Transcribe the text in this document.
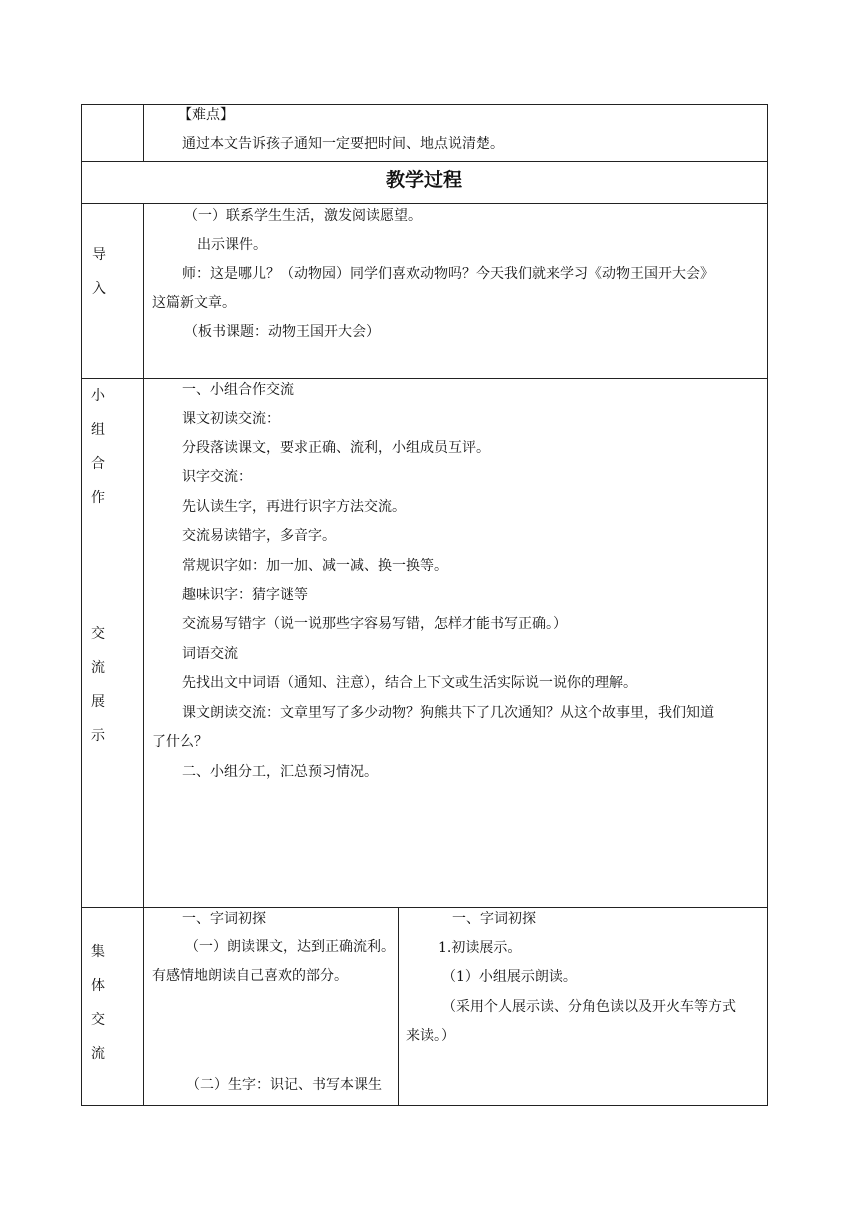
【难点】
通过本文告诉孩子通知一定要把时间、地点说清楚。
教学过程
导
入
（一）联系学生生活，激发阅读愿望。
出示课件。
师：这是哪儿？（动物园）同学们喜欢动物吗？今天我们就来学习《动物王国开大会》
这篇新文章。
（板书课题：动物王国开大会）
小
组
合
作
交
流
展
示
一、小组合作交流
课文初读交流：
分段落读课文，要求正确、流利，小组成员互评。
识字交流：
先认读生字，再进行识字方法交流。
交流易读错字，多音字。
常规识字如：加一加、减一减、换一换等。
趣味识字：猜字谜等
交流易写错字（说一说那些字容易写错，怎样才能书写正确。）
词语交流
先找出文中词语（通知、注意），结合上下文或生活实际说一说你的理解。
课文朗读交流：文章里写了多少动物？狗熊共下了几次通知？从这个故事里，我们知道
了什么？
二、小组分工，汇总预习情况。
集
体
交
流
一、字词初探
（一）朗读课文，达到正确流利。
有感情地朗读自己喜欢的部分。
（二）生字：识记、书写本课生
一、字词初探
1.初读展示。
（1）小组展示朗读。
（采用个人展示读、分角色读以及开火车等方式
来读。）
